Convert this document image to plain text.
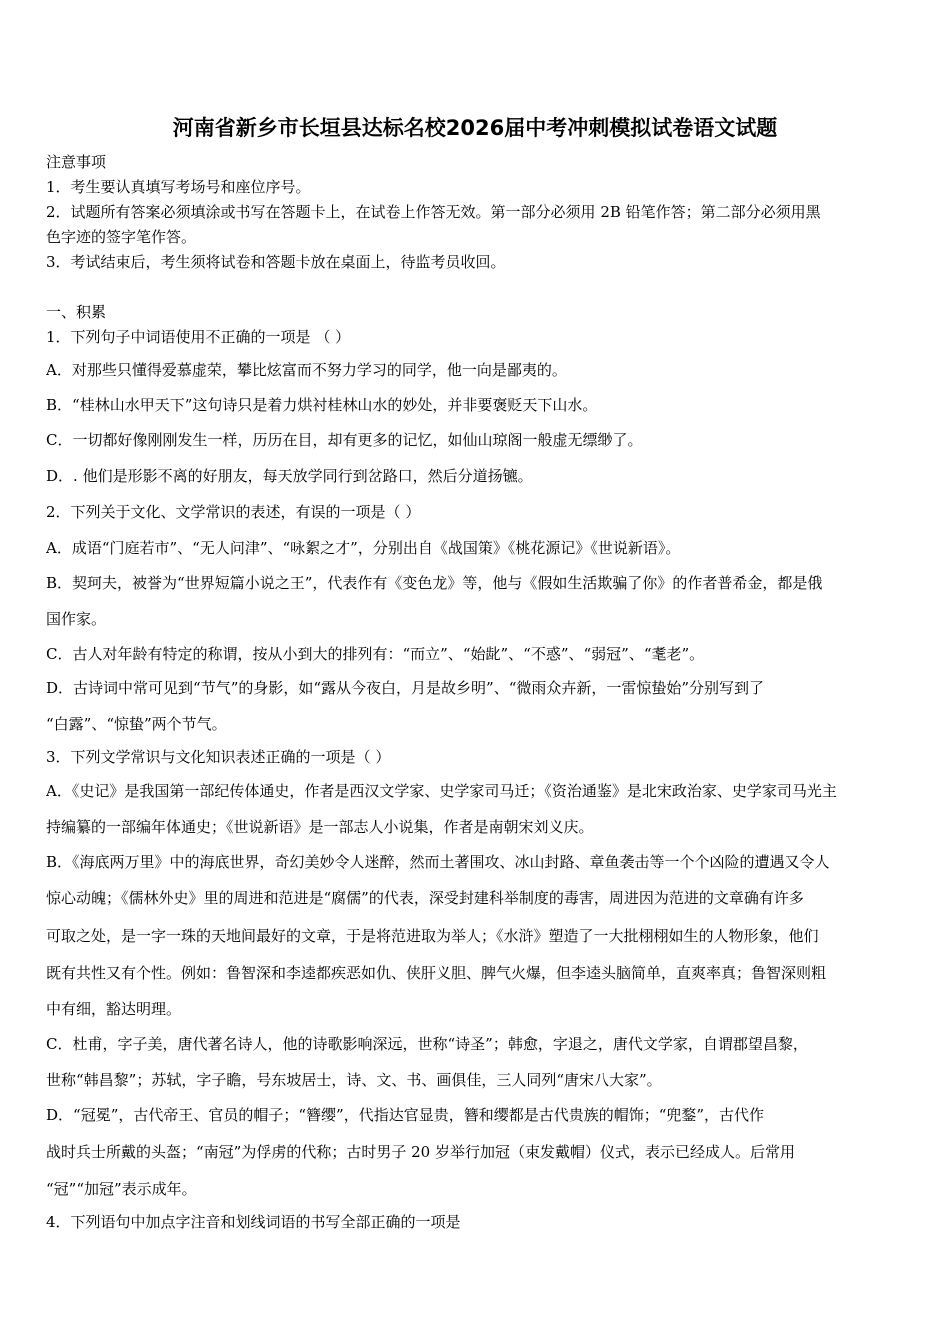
河南省新乡市长垣县达标名校2026届中考冲刺模拟试卷语文试题
注意事项
1．考生要认真填写考场号和座位序号。
2．试题所有答案必须填涂或书写在答题卡上，在试卷上作答无效。第一部分必须用 2B 铅笔作答；第二部分必须用黑
色字迹的签字笔作答。
3．考试结束后，考生须将试卷和答题卡放在桌面上，待监考员收回。
一、积累
1．下列句子中词语使用不正确的一项是 （ ）
A．对那些只懂得爱慕虚荣，攀比炫富而不努力学习的同学，他一向是鄙夷的。
B．“桂林山水甲天下”这句诗只是着力烘衬桂林山水的妙处，并非要褒贬天下山水。
C．一切都好像刚刚发生一样，历历在目，却有更多的记忆，如仙山琼阁一般虚无缥缈了。
D．. 他们是形影不离的好朋友，每天放学同行到岔路口，然后分道扬镳。
2．下列关于文化、文学常识的表述，有误的一项是（ ）
A．成语“门庭若市”、“无人问津”、“咏絮之才”，分别出自《战国策》《桃花源记》《世说新语》。
B．契珂夫，被誉为“世界短篇小说之王”，代表作有《变色龙》等，他与《假如生活欺骗了你》的作者普希金，都是俄
国作家。
C．古人对年龄有特定的称谓，按从小到大的排列有：“而立”、“始龀”、“不惑”、“弱冠”、“耄老”。
D．古诗词中常可见到“节气”的身影，如“露从今夜白，月是故乡明”、“微雨众卉新，一雷惊蛰始”分别写到了
“白露”、“惊蛰”两个节气。
3．下列文学常识与文化知识表述正确的一项是（ ）
A．《史记》是我国第一部纪传体通史，作者是西汉文学家、史学家司马迁；《资治通鉴》是北宋政治家、史学家司马光主
持编纂的一部编年体通史；《世说新语》是一部志人小说集，作者是南朝宋刘义庆。
B．《海底两万里》中的海底世界，奇幻美妙令人迷醉，然而土著围攻、冰山封路、章鱼袭击等一个个凶险的遭遇又令人
惊心动魄；《儒林外史》里的周进和范进是“腐儒”的代表，深受封建科举制度的毒害，周进因为范进的文章确有许多
可取之处，是一字一珠的天地间最好的文章，于是将范进取为举人；《水浒》塑造了一大批栩栩如生的人物形象，他们
既有共性又有个性。例如：鲁智深和李逵都疾恶如仇、侠肝义胆、脾气火爆，但李逵头脑简单，直爽率真；鲁智深则粗
中有细，豁达明理。
C．杜甫，字子美，唐代著名诗人，他的诗歌影响深远，世称“诗圣”；韩愈，字退之，唐代文学家，自谓郡望昌黎，
世称“韩昌黎”；苏轼，字子瞻，号东坡居士，诗、文、书、画俱佳，三人同列“唐宋八大家”。
D．“冠冕”，古代帝王、官员的帽子；“簪缨”，代指达官显贵，簪和缨都是古代贵族的帽饰；“兜鍪”，古代作
战时兵士所戴的头盔；“南冠”为俘虏的代称；古时男子 20 岁举行加冠（束发戴帽）仪式，表示已经成人。后常用
“冠”“加冠”表示成年。
4．下列语句中加点字注音和划线词语的书写全部正确的一项是
